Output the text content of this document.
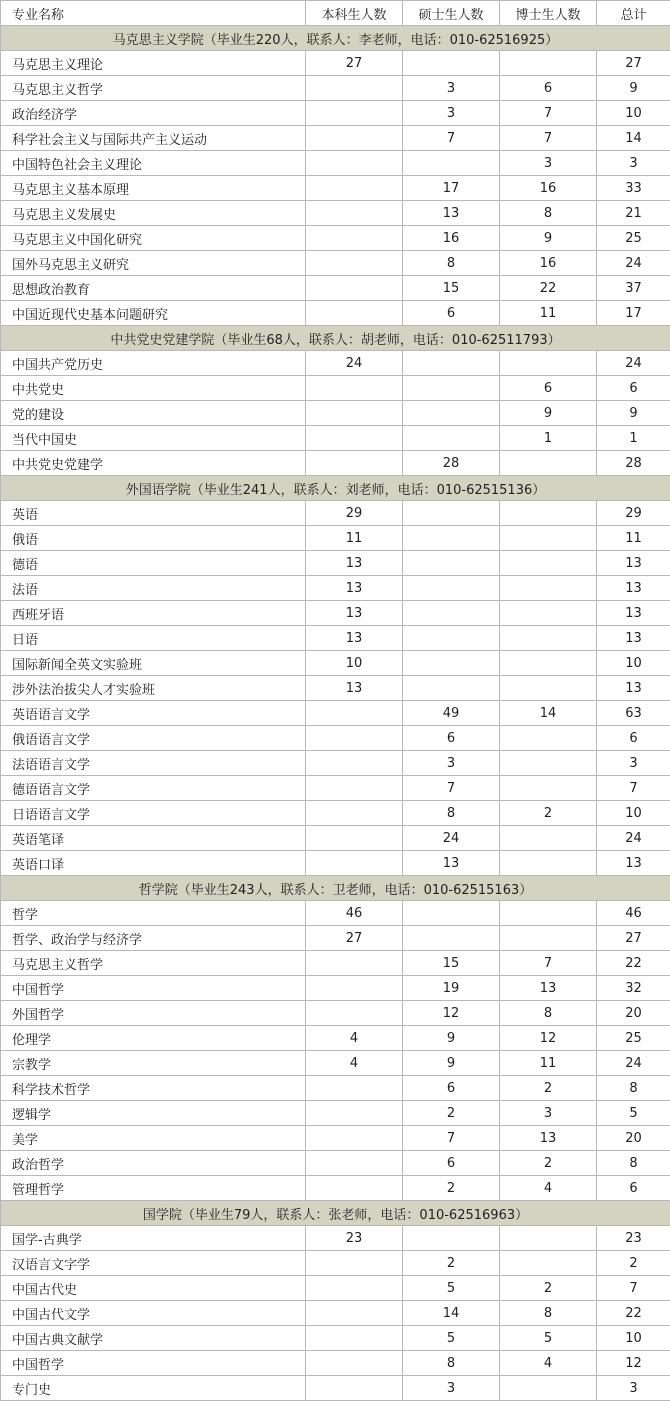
专业名称	本科生人数	硕士生人数	博士生人数	总计
马克思主义学院（毕业生220人，联系人：李老师，电话：010-62516925）				
马克思主义理论	27			27
马克思主义哲学		3	6	9
政治经济学		3	7	10
科学社会主义与国际共产主义运动		7	7	14
中国特色社会主义理论			3	3
马克思主义基本原理		17	16	33
马克思主义发展史		13	8	21
马克思主义中国化研究		16	9	25
国外马克思主义研究		8	16	24
思想政治教育		15	22	37
中国近现代史基本问题研究		6	11	17
中共党史党建学院（毕业生68人，联系人：胡老师，电话：010-62511793）				
中国共产党历史	24			24
中共党史			6	6
党的建设			9	9
当代中国史			1	1
中共党史党建学		28		28
外国语学院（毕业生241人，联系人：刘老师，电话：010-62515136）				
英语	29			29
俄语	11			11
德语	13			13
法语	13			13
西班牙语	13			13
日语	13			13
国际新闻全英文实验班	10			10
涉外法治拔尖人才实验班	13			13
英语语言文学		49	14	63
俄语语言文学		6		6
法语语言文学		3		3
德语语言文学		7		7
日语语言文学		8	2	10
英语笔译		24		24
英语口译		13		13
哲学院（毕业生243人，联系人：卫老师，电话：010-62515163）				
哲学	46			46
哲学、政治学与经济学	27			27
马克思主义哲学		15	7	22
中国哲学		19	13	32
外国哲学		12	8	20
伦理学	4	9	12	25
宗教学	4	9	11	24
科学技术哲学		6	2	8
逻辑学		2	3	5
美学		7	13	20
政治哲学		6	2	8
管理哲学		2	4	6
国学院（毕业生79人，联系人：张老师，电话：010-62516963）				
国学-古典学	23			23
汉语言文字学		2		2
中国古代史		5	2	7
中国古代文学		14	8	22
中国古典文献学		5	5	10
中国哲学		8	4	12
专门史		3		3
